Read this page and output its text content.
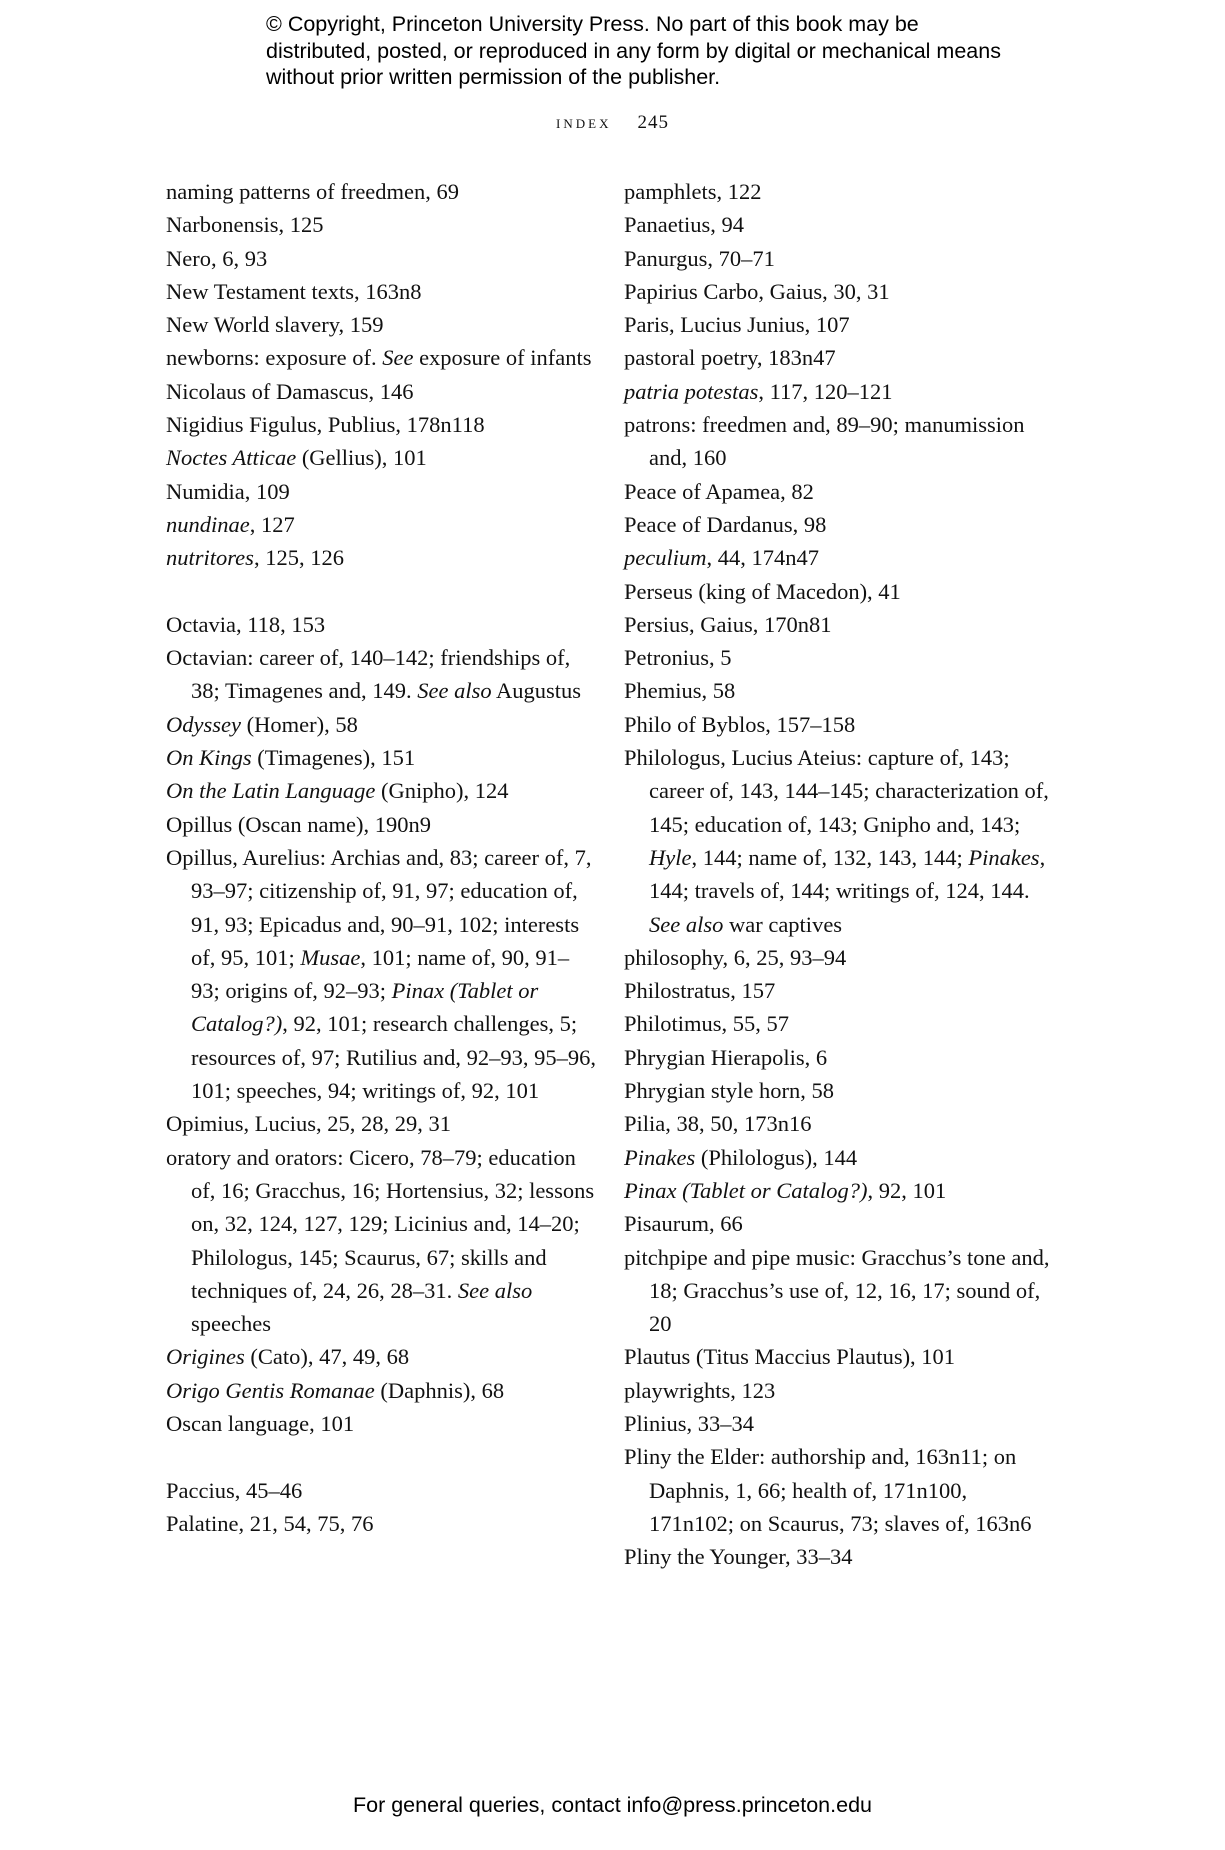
© Copyright, Princeton University Press. No part of this book may be distributed, posted, or reproduced in any form by digital or mechanical means without prior written permission of the publisher.
index 245
naming patterns of freedmen, 69
Narbonensis, 125
Nero, 6, 93
New Testament texts, 163n8
New World slavery, 159
newborns: exposure of. See exposure of infants
Nicolaus of Damascus, 146
Nigidius Figulus, Publius, 178n118
Noctes Atticae (Gellius), 101
Numidia, 109
nundinae, 127
nutritores, 125, 126
Octavia, 118, 153
Octavian: career of, 140–142; friendships of, 38; Timagenes and, 149. See also Augustus
Odyssey (Homer), 58
On Kings (Timagenes), 151
On the Latin Language (Gnipho), 124
Opillus (Oscan name), 190n9
Opillus, Aurelius: Archias and, 83; career of, 7, 93–97; citizenship of, 91, 97; education of, 91, 93; Epicadus and, 90–91, 102; interests of, 95, 101; Musae, 101; name of, 90, 91–93; origins of, 92–93; Pinax (Tablet or Catalog?), 92, 101; research challenges, 5; resources of, 97; Rutilius and, 92–93, 95–96, 101; speeches, 94; writings of, 92, 101
Opimius, Lucius, 25, 28, 29, 31
oratory and orators: Cicero, 78–79; education of, 16; Gracchus, 16; Hortensius, 32; lessons on, 32, 124, 127, 129; Licinius and, 14–20; Philologus, 145; Scaurus, 67; skills and techniques of, 24, 26, 28–31. See also speeches
Origines (Cato), 47, 49, 68
Origo Gentis Romanae (Daphnis), 68
Oscan language, 101
Paccius, 45–46
Palatine, 21, 54, 75, 76
pamphlets, 122
Panaetius, 94
Panurgus, 70–71
Papirius Carbo, Gaius, 30, 31
Paris, Lucius Junius, 107
pastoral poetry, 183n47
patria potestas, 117, 120–121
patrons: freedmen and, 89–90; manumission and, 160
Peace of Apamea, 82
Peace of Dardanus, 98
peculium, 44, 174n47
Perseus (king of Macedon), 41
Persius, Gaius, 170n81
Petronius, 5
Phemius, 58
Philo of Byblos, 157–158
Philologus, Lucius Ateius: capture of, 143; career of, 143, 144–145; characterization of, 145; education of, 143; Gnipho and, 143; Hyle, 144; name of, 132, 143, 144; Pinakes, 144; travels of, 144; writings of, 124, 144. See also war captives
philosophy, 6, 25, 93–94
Philostratus, 157
Philotimus, 55, 57
Phrygian Hierapolis, 6
Phrygian style horn, 58
Pilia, 38, 50, 173n16
Pinakes (Philologus), 144
Pinax (Tablet or Catalog?), 92, 101
Pisaurum, 66
pitchpipe and pipe music: Gracchus’s tone and, 18; Gracchus’s use of, 12, 16, 17; sound of, 20
Plautus (Titus Maccius Plautus), 101
playwrights, 123
Plinius, 33–34
Pliny the Elder: authorship and, 163n11; on Daphnis, 1, 66; health of, 171n100, 171n102; on Scaurus, 73; slaves of, 163n6
Pliny the Younger, 33–34
For general queries, contact info@press.princeton.edu
